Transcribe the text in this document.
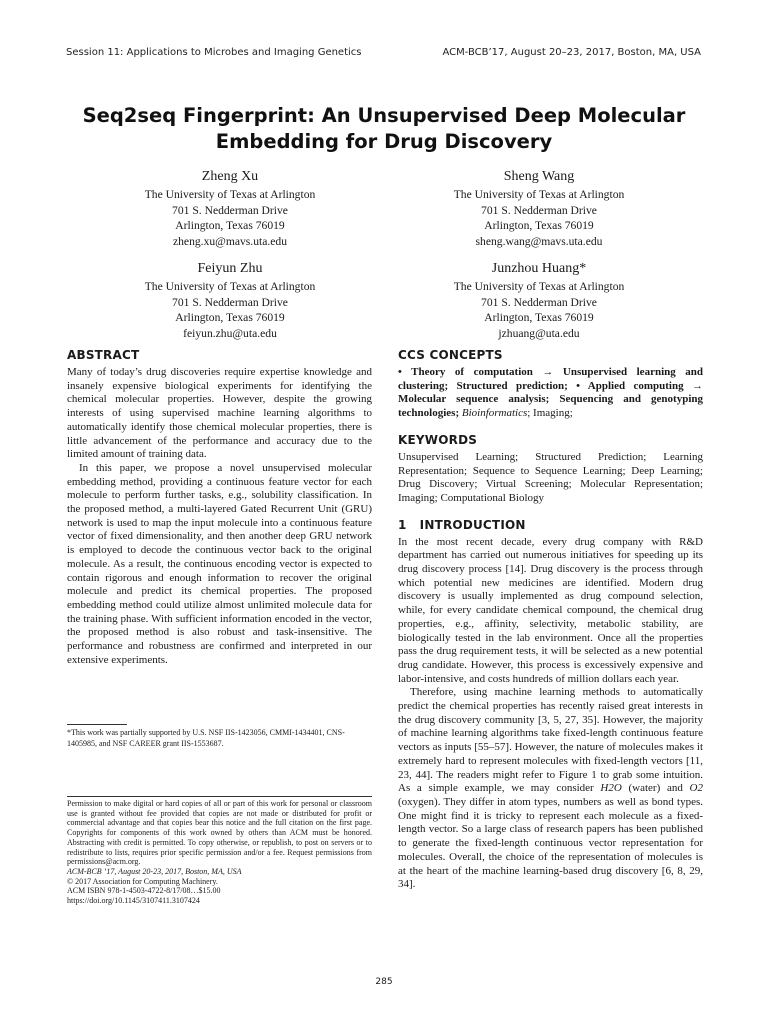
Session 11: Applications to Microbes and Imaging Genetics	ACM-BCB’17, August 20–23, 2017, Boston, MA, USA
Seq2seq Fingerprint: An Unsupervised Deep Molecular Embedding for Drug Discovery
Zheng Xu
The University of Texas at Arlington
701 S. Nedderman Drive
Arlington, Texas 76019
zheng.xu@mavs.uta.edu
Sheng Wang
The University of Texas at Arlington
701 S. Nedderman Drive
Arlington, Texas 76019
sheng.wang@mavs.uta.edu
Feiyun Zhu
The University of Texas at Arlington
701 S. Nedderman Drive
Arlington, Texas 76019
feiyun.zhu@uta.edu
Junzhou Huang*
The University of Texas at Arlington
701 S. Nedderman Drive
Arlington, Texas 76019
jzhuang@uta.edu
ABSTRACT

Many of today’s drug discoveries require expertise knowledge and insanely expensive biological experiments for identifying the chemical molecular properties. However, despite the growing interests of using supervised machine learning algorithms to automatically identify those chemical molecular properties, there is little advancement of the performance and accuracy due to the limited amount of training data.

In this paper, we propose a novel unsupervised molecular embedding method, providing a continuous feature vector for each molecule to perform further tasks, e.g., solubility classification. In the proposed method, a multi-layered Gated Recurrent Unit (GRU) network is used to map the input molecule into a continuous feature vector of fixed dimensionality, and then another deep GRU network is employed to decode the continuous vector back to the original molecule. As a result, the continuous encoding vector is expected to contain rigorous and enough information to recover the original molecule and predict its chemical properties. The proposed embedding method could utilize almost unlimited molecule data for the training phase. With sufficient information encoded in the vector, the proposed method is also robust and task-insensitive. The performance and robustness are confirmed and interpreted in our extensive experiments.

*This work was partially supported by U.S. NSF IIS-1423056, CMMI-1434401, CNS-1405985, and NSF CAREER grant IIS-1553687.
Permission to make digital or hard copies of all or part of this work for personal or classroom use is granted without fee provided that copies are not made or distributed for profit or commercial advantage and that copies bear this notice and the full citation on the first page. Copyrights for components of this work owned by others than ACM must be honored. Abstracting with credit is permitted. To copy otherwise, or republish, to post on servers or to redistribute to lists, requires prior specific permission and/or a fee. Request permissions from permissions@acm.org.
ACM-BCB ’17, August 20-23, 2017, Boston, MA, USA
© 2017 Association for Computing Machinery.
ACM ISBN 978-1-4503-4722-8/17/08…$15.00
https://doi.org/10.1145/3107411.3107424
CCS CONCEPTS

• Theory of computation → Unsupervised learning and clustering; Structured prediction; • Applied computing → Molecular sequence analysis; Sequencing and genotyping technologies; Bioinformatics; Imaging;

KEYWORDS

Unsupervised Learning; Structured Prediction; Learning Representation; Sequence to Sequence Learning; Deep Learning; Drug Discovery; Virtual Screening; Molecular Representation; Imaging; Computational Biology

1   INTRODUCTION

In the most recent decade, every drug company with R&D department has carried out numerous initiatives for speeding up its drug discovery process [14]. Drug discovery is the process through which potential new medicines are identified. Modern drug discovery is usually implemented as drug compound selection, while, for every candidate chemical compound, the chemical drug properties, e.g., affinity, selectivity, metabolic stability, are biologically tested in the lab environment. Once all the properties pass the drug requirement tests, it will be selected as a new potential drug candidate. However, this process is excessively expensive and labor-intensive, and costs hundreds of million dollars each year.

Therefore, using machine learning methods to automatically predict the chemical properties has recently raised great interests in the drug discovery community [3, 5, 27, 35]. However, the majority of machine learning algorithms take fixed-length continuous feature vectors as inputs [55–57]. However, the nature of molecules makes it extremely hard to represent molecules with fixed-length vectors [11, 23, 44]. The readers might refer to Figure 1 to grab some intuition. As a simple example, we may consider H2O (water) and O2 (oxygen). They differ in atom types, numbers as well as bond types. One might find it is tricky to represent each molecule as a fixed-length vector. So a large class of research papers has been published to generate the fixed-length continuous vector representation for molecules. Overall, the choice of the representation of molecules is at the heart of the machine learning-based drug discovery [6, 8, 29, 34].

285
